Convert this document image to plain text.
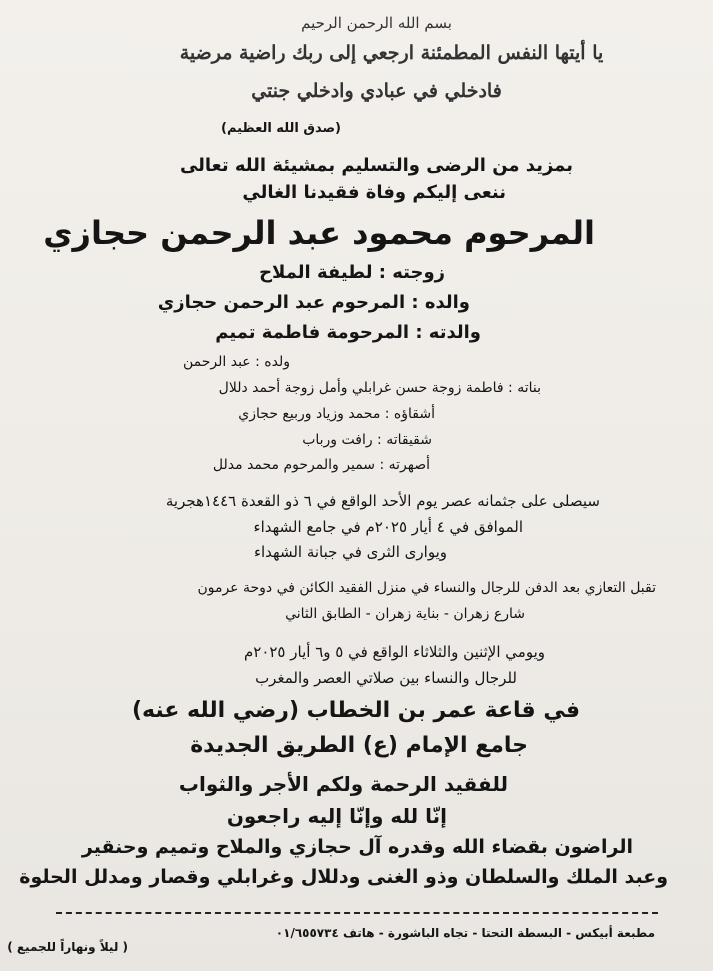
بسم الله الرحمن الرحيم
يا أيتها النفس المطمئنة ارجعي إلى ربك راضية مرضية
فادخلي في عبادي وادخلي جنتي
(صدق الله العظيم)
بمزيد من الرضى والتسليم بمشيئة الله تعالى
ننعى إليكم وفاة فقيدنا الغالي
المرحوم محمود عبد الرحمن حجازي
زوجته : لطيفة الملاح
والده : المرحوم عبد الرحمن حجازي
والدته : المرحومة فاطمة تميم
ولده : عبد الرحمن
بناته : فاطمة زوجة حسن غرابلي وأمل زوجة أحمد دللال
أشقاؤه : محمد وزياد وربيع حجازي
شقيقاته : رافت ورباب
أصهرته : سمير والمرحوم محمد مدلل
سيصلى على جثمانه عصر يوم الأحد الواقع في ٦ ذو القعدة ١٤٤٦هجرية
الموافق في ٤ أيار ٢٠٢٥م في جامع الشهداء
ويوارى الثرى في جبانة الشهداء
تقبل التعازي بعد الدفن للرجال والنساء في منزل الفقيد الكائن في دوحة عرمون
شارع زهران - بناية زهران - الطابق الثاني
ويومي الإثنين والثلاثاء الواقع في ٥ و٦ أيار ٢٠٢٥م
للرجال والنساء بين صلاتي العصر والمغرب
في قاعة عمر بن الخطاب (رضي الله عنه)
جامع الإمام (ع) الطريق الجديدة
للفقيد الرحمة ولكم الأجر والثواب
إنّا لله وإنّا إليه راجعون
الراضون بقضاء الله وقدره آل حجازي والملاح وتميم وحنقير
وعبد الملك والسلطان وذو الغنى ودللال وغرابلي وقصار ومدلل الحلوة
مطبعة أبيكس - البسطة التحتا - تجاه الباشورة - هاتف ٠١/٦٥٥٧٣٤
( ليلاً ونهاراً للجميع )
